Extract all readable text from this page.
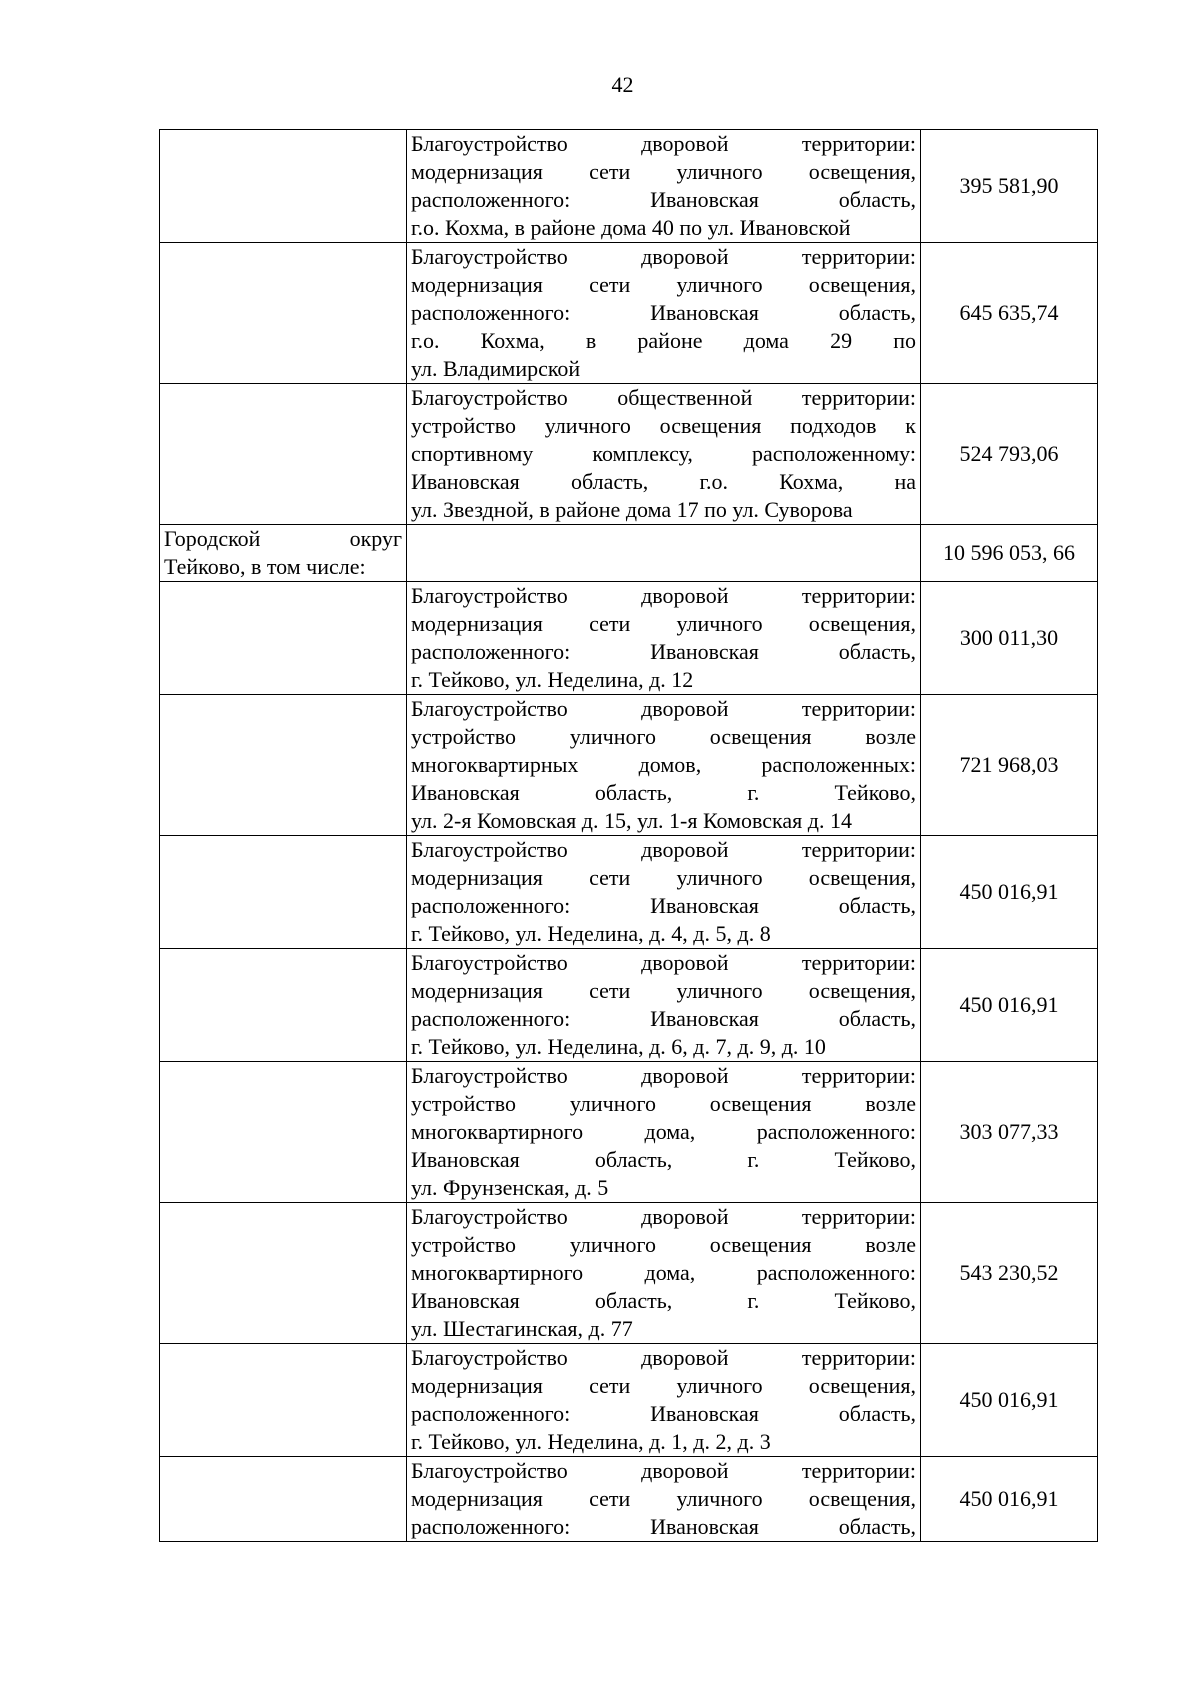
42

	Благоустройство дворовой территории:
модернизация сети уличного освещения,
расположенного: Ивановская область,
г.о. Кохма, в районе дома 40 по ул. Ивановской	395 581,90

	Благоустройство дворовой территории:
модернизация сети уличного освещения,
расположенного: Ивановская область,
г.о. Кохма, в районе дома 29 по
ул. Владимирской	645 635,74

	Благоустройство общественной территории:
устройство уличного освещения подходов к
спортивному комплексу, расположенному:
Ивановская область, г.о. Кохма, на
ул. Звездной, в районе дома 17 по ул. Суворова	524 793,06

Городской округ
Тейково, в том числе:		10 596 053, 66

	Благоустройство дворовой территории:
модернизация сети уличного освещения,
расположенного: Ивановская область,
г. Тейково, ул. Неделина, д. 12	300 011,30

	Благоустройство дворовой территории:
устройство уличного освещения возле
многоквартирных домов, расположенных:
Ивановская область, г. Тейково,
ул. 2-я Комовская д. 15, ул. 1-я Комовская д. 14	721 968,03

	Благоустройство дворовой территории:
модернизация сети уличного освещения,
расположенного: Ивановская область,
г. Тейково, ул. Неделина, д. 4, д. 5, д. 8	450 016,91

	Благоустройство дворовой территории:
модернизация сети уличного освещения,
расположенного: Ивановская область,
г. Тейково, ул. Неделина, д. 6, д. 7, д. 9, д. 10	450 016,91

	Благоустройство дворовой территории:
устройство уличного освещения возле
многоквартирного дома, расположенного:
Ивановская область, г. Тейково,
ул. Фрунзенская, д. 5	303 077,33

	Благоустройство дворовой территории:
устройство уличного освещения возле
многоквартирного дома, расположенного:
Ивановская область, г. Тейково,
ул. Шестагинская, д. 77	543 230,52

	Благоустройство дворовой территории:
модернизация сети уличного освещения,
расположенного: Ивановская область,
г. Тейково, ул. Неделина, д. 1, д. 2, д. 3	450 016,91

	Благоустройство дворовой территории:
модернизация сети уличного освещения,
расположенного: Ивановская область,	450 016,91
